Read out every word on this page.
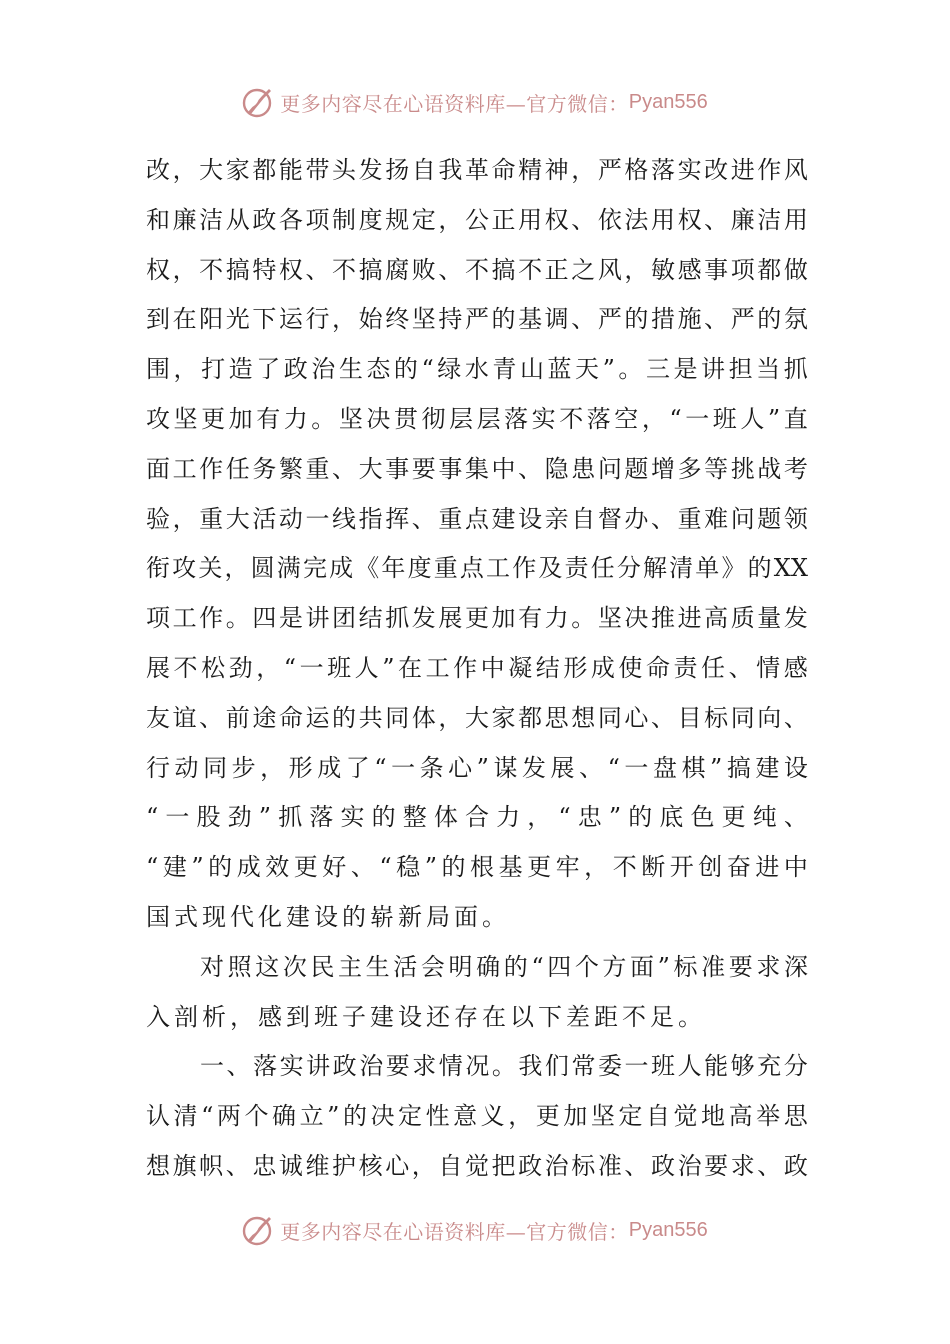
更多内容尽在心语资料库—官方微信： Pyan556
改 ， 大 家 都 能 带 头 发 扬 自 我 革 命 精 神 ， 严 格 落 实 改 进 作 风
和 廉 洁 从 政 各 项 制 度 规 定 ， 公 正 用 权 、 依 法 用 权 、 廉 洁 用
权 ， 不 搞 特 权 、 不 搞 腐 败 、 不 搞 不 正 之 风 ， 敏 感 事 项 都 做
到 在 阳 光 下 运 行 ， 始 终 坚 持 严 的 基 调 、 严 的 措 施 、 严 的 氛
围 ， 打 造 了 政 治 生 态 的 “ 绿 水 青 山 蓝 天 ” 。 三 是 讲 担 当 抓
攻 坚 更 加 有 力 。 坚 决 贯 彻 层 层 落 实 不 落 空 ， “ 一 班 人 ” 直
面 工 作 任 务 繁 重 、 大 事 要 事 集 中 、 隐 患 问 题 增 多 等 挑 战 考
验 ， 重 大 活 动 一 线 指 挥 、 重 点 建 设 亲 自 督 办 、 重 难 问 题 领
衔 攻 关 ， 圆 满 完 成 《 年 度 重 点 工 作 及 责 任 分 解 清 单 》 的 XX
项 工 作 。 四 是 讲 团 结 抓 发 展 更 加 有 力 。 坚 决 推 进 高 质 量 发
展 不 松 劲 ， “ 一 班 人 ” 在 工 作 中 凝 结 形 成 使 命 责 任 、 情 感
友 谊 、 前 途 命 运 的 共 同 体 ， 大 家 都 思 想 同 心 、 目 标 同 向 、
行 动 同 步 ， 形 成 了 “ 一 条 心 ” 谋 发 展 、 “ 一 盘 棋 ” 搞 建 设
“ 一 股 劲 ” 抓 落 实 的 整 体 合 力 ， “ 忠 ” 的 底 色 更 纯 、
“ 建 ” 的 成 效 更 好 、 “ 稳 ” 的 根 基 更 牢 ， 不 断 开 创 奋 进 中
国式现代化建设的崭新局面。
对 照 这 次 民 主 生 活 会 明 确 的 “ 四 个 方 面 ” 标 准 要 求 深
入剖析，感到班子建设还存在以下差距不足。
一 、 落 实 讲 政 治 要 求 情 况 。 我 们 常 委 一 班 人 能 够 充 分
认 清 “ 两 个 确 立 ” 的 决 定 性 意 义 ， 更 加 坚 定 自 觉 地 高 举 思
想 旗 帜 、 忠 诚 维 护 核 心 ， 自 觉 把 政 治 标 准 、 政 治 要 求 、 政
更多内容尽在心语资料库—官方微信： Pyan556
